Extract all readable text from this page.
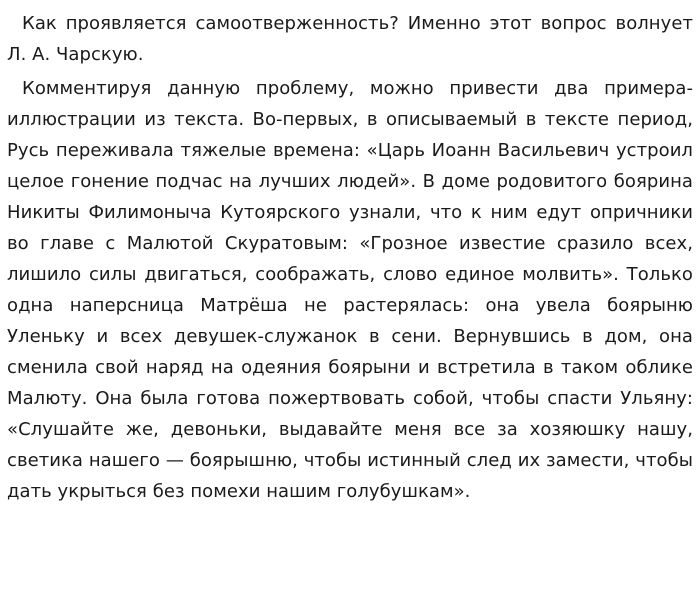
Как проявляется самоотверженность? Именно этот вопрос волнует Л. А. Чарскую.

Комментируя данную проблему, можно привести два примера-иллюстрации из текста. Во-первых, в описываемый в тексте период, Русь переживала тяжелые времена: «Царь Иоанн Васильевич устроил целое гонение подчас на лучших людей». В доме родовитого боярина Никиты Филимоныча Кутоярского узнали, что к ним едут опричники во главе с Малютой Скуратовым: «Грозное известие сразило всех, лишило силы двигаться, соображать, слово единое молвить». Только одна наперсница Матрёша не растерялась: она увела боярыню Уленьку и всех девушек-служанок в сени. Вернувшись в дом, она сменила свой наряд на одеяния боярыни и встретила в таком облике Малюту. Она была готова пожертвовать собой, чтобы спасти Ульяну: «Слушайте же, девоньки, выдавайте меня все за хозяюшку нашу, светика нашего — боярышню, чтобы истинный след их замести, чтобы дать укрыться без помехи нашим голубушкам».
